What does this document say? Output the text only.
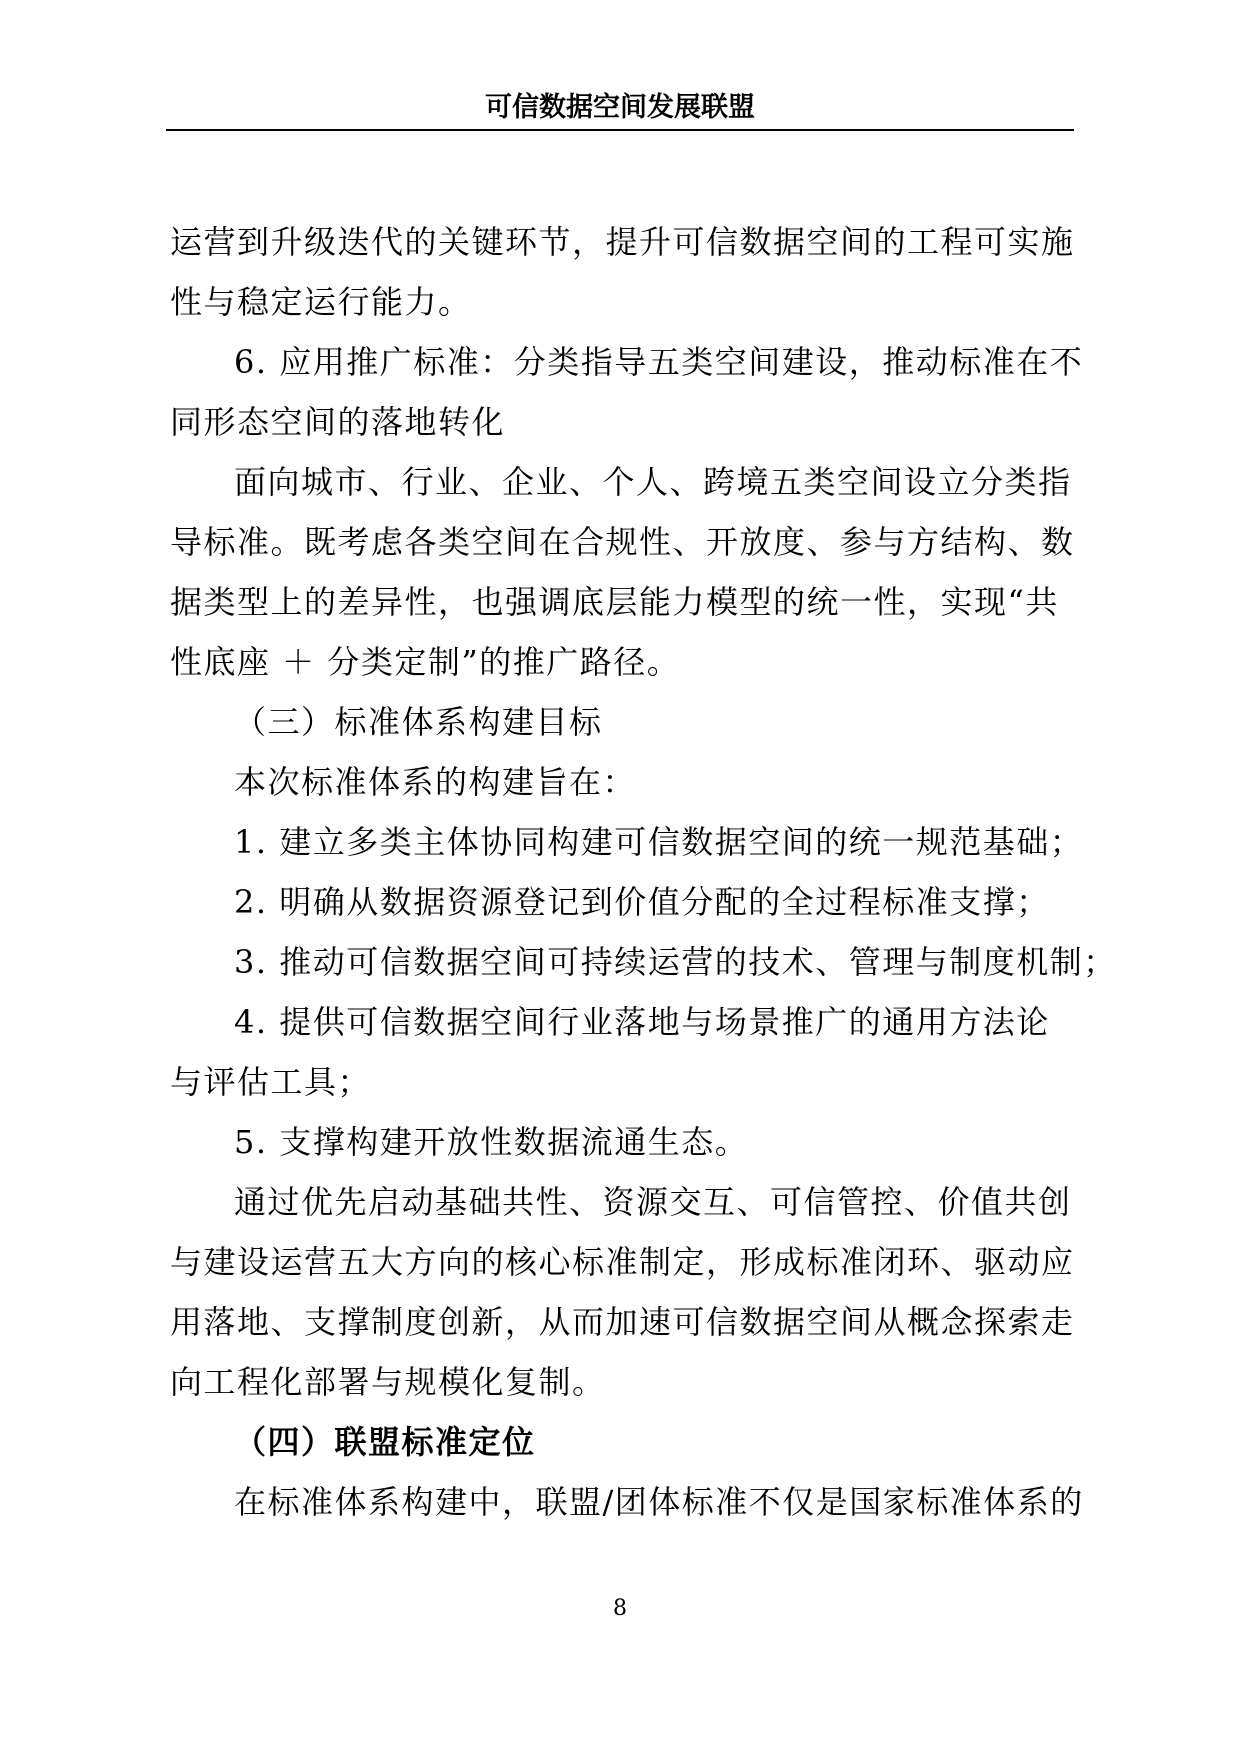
可信数据空间发展联盟
运营到升级迭代的关键环节，提升可信数据空间的工程可实施
性与稳定运行能力。
6. 应用推广标准：分类指导五类空间建设，推动标准在不
同形态空间的落地转化
面向城市、行业、企业、个人、跨境五类空间设立分类指
导标准。既考虑各类空间在合规性、开放度、参与方结构、数
据类型上的差异性，也强调底层能力模型的统一性，实现“共
性底座 ＋ 分类定制”的推广路径。
（三）标准体系构建目标
本次标准体系的构建旨在：
1. 建立多类主体协同构建可信数据空间的统一规范基础；
2. 明确从数据资源登记到价值分配的全过程标准支撑；
3. 推动可信数据空间可持续运营的技术、管理与制度机制；
4. 提供可信数据空间行业落地与场景推广的通用方法论
与评估工具；
5. 支撑构建开放性数据流通生态。
通过优先启动基础共性、资源交互、可信管控、价值共创
与建设运营五大方向的核心标准制定，形成标准闭环、驱动应
用落地、支撑制度创新，从而加速可信数据空间从概念探索走
向工程化部署与规模化复制。
（四）联盟标准定位
在标准体系构建中，联盟/团体标准不仅是国家标准体系的
8
